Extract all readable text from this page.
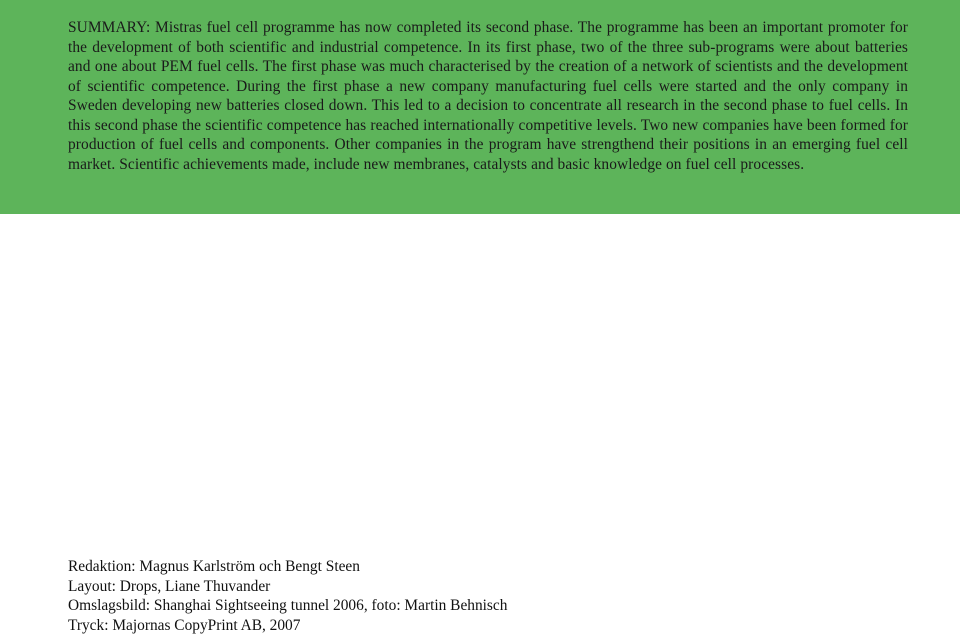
SUMMARY: Mistras fuel cell programme has now completed its second phase. The programme has been an important promoter for the development of both scientific and industrial competence. In its first phase, two of the three sub-programs were about batteries and one about PEM fuel cells. The first phase was much characterised by the creation of a network of scientists and the development of scientific competence. During the first phase a new company manufacturing fuel cells were started and the only company in Sweden developing new batteries closed down. This led to a decision to concentrate all research in the second phase to fuel cells. In this second phase the scientific competence has reached internationally competitive levels. Two new companies have been formed for production of fuel cells and components. Other companies in the program have strengthend their positions in an emerging fuel cell market. Scientific achievements made, include new membranes, catalysts and basic knowledge on fuel cell processes.

Redaktion: Magnus Karlström och Bengt Steen
Layout: Drops, Liane Thuvander
Omslagsbild: Shanghai Sightseeing tunnel 2006, foto: Martin Behnisch
Tryck: Majornas CopyPrint AB, 2007
